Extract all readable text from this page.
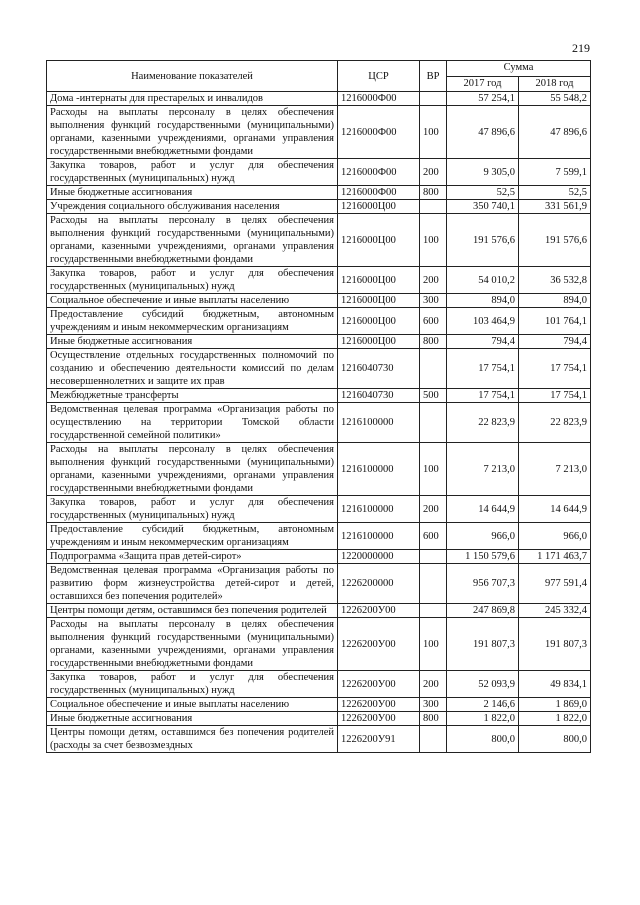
219
Наименование показателей	ЦСР	ВР	Сумма	
			2017 год	2018 год
Дома -интернаты для престарелых и инвалидов	1216000Ф00		57 254,1	55 548,2
Расходы на выплаты персоналу в целях обеспечения выполнения функций государственными (муниципальными) органами, казенными учреждениями, органами управления государственными внебюджетными фондами	1216000Ф00	100	47 896,6	47 896,6
Закупка товаров, работ и услуг для обеспечения государственных (муниципальных) нужд	1216000Ф00	200	9 305,0	7 599,1
Иные бюджетные ассигнования	1216000Ф00	800	52,5	52,5
Учреждения социального обслуживания населения	1216000Ц00		350 740,1	331 561,9
Расходы на выплаты персоналу в целях обеспечения выполнения функций государственными (муниципальными) органами, казенными учреждениями, органами управления государственными внебюджетными фондами	1216000Ц00	100	191 576,6	191 576,6
Закупка товаров, работ и услуг для обеспечения государственных (муниципальных) нужд	1216000Ц00	200	54 010,2	36 532,8
Социальное обеспечение и иные выплаты населению	1216000Ц00	300	894,0	894,0
Предоставление субсидий бюджетным, автономным учреждениям и иным некоммерческим организациям	1216000Ц00	600	103 464,9	101 764,1
Иные бюджетные ассигнования	1216000Ц00	800	794,4	794,4
Осуществление отдельных государственных полномочий по созданию и обеспечению деятельности комиссий по делам несовершеннолетних и защите их прав	1216040730		17 754,1	17 754,1
Межбюджетные трансферты	1216040730	500	17 754,1	17 754,1
Ведомственная целевая программа «Организация работы по осуществлению на территории Томской области государственной семейной политики»	1216100000		22 823,9	22 823,9
Расходы на выплаты персоналу в целях обеспечения выполнения функций государственными (муниципальными) органами, казенными учреждениями, органами управления государственными внебюджетными фондами	1216100000	100	7 213,0	7 213,0
Закупка товаров, работ и услуг для обеспечения государственных (муниципальных) нужд	1216100000	200	14 644,9	14 644,9
Предоставление субсидий бюджетным, автономным учреждениям и иным некоммерческим организациям	1216100000	600	966,0	966,0
Подпрограмма «Защита прав детей-сирот»	1220000000		1 150 579,6	1 171 463,7
Ведомственная целевая программа «Организация работы по развитию форм жизнеустройства детей-сирот и детей, оставшихся без попечения родителей»	1226200000		956 707,3	977 591,4
Центры помощи детям, оставшимся без попечения родителей	1226200У00		247 869,8	245 332,4
Расходы на выплаты персоналу в целях обеспечения выполнения функций государственными (муниципальными) органами, казенными учреждениями, органами управления государственными внебюджетными фондами	1226200У00	100	191 807,3	191 807,3
Закупка товаров, работ и услуг для обеспечения государственных (муниципальных) нужд	1226200У00	200	52 093,9	49 834,1
Социальное обеспечение и иные выплаты населению	1226200У00	300	2 146,6	1 869,0
Иные бюджетные ассигнования	1226200У00	800	1 822,0	1 822,0
Центры помощи детям, оставшимся без попечения родителей (расходы за счет безвозмездных	1226200У91		800,0	800,0
